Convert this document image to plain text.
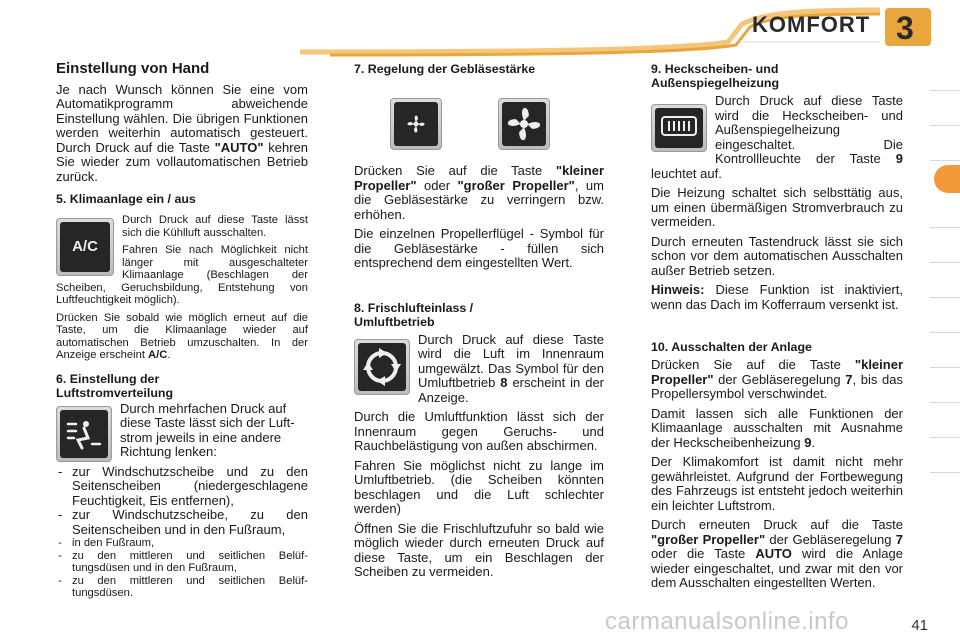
KOMFORT 3
Einstellung von Hand

Je nach Wunsch können Sie eine vom Automatikprogramm abweichende Einstellung wählen. Die übrigen Funktionen werden weiterhin automatisch gesteuert. Durch Druck auf die Taste "AUTO" kehren Sie wieder zum vollautomatischen Betrieb zurück.

5. Klimaanlage ein / aus
A/C

Durch Druck auf diese Taste lässt sich die Kühlluft ausschalten.

Fahren Sie nach Möglichkeit nicht länger mit ausgeschalteter Klimaanlage (Beschlagen der Scheiben, Geruchsbildung, Entstehung von Luftfeuchtigkeit möglich).

Drücken Sie sobald wie möglich erneut auf die Taste, um die Klimaanlage wieder auf automatischen Betrieb umzuschalten. In der Anzeige erscheint A/C.

6. Einstellung der
Luftstromverteilung

Durch mehrfachen Druck auf diese Taste lässt sich der Luftstrom jeweils in eine andere Richtung lenken:

- zur Windschutzscheibe und zu den Seitenscheiben (niedergeschlagene Feuchtigkeit, Eis entfernen),
- zur Windschutzscheibe, zu den Seitenscheiben und in den Fußraum,
- in den Fußraum,
- zu den mittleren und seitlichen Belüftungsdüsen und in den Fußraum,
- zu den mittleren und seitlichen Belüftungsdüsen.
7. Regelung der Gebläsestärke

Drücken Sie auf die Taste "kleiner Propeller" oder "großer Propeller", um die Gebläsestärke zu verringern bzw. erhöhen.

Die einzelnen Propellerflügel - Symbol für die Gebläsestärke - füllen sich entsprechend dem eingestellten Wert.

8. Frischlufteinlass /
Umluftbetrieb

Durch Druck auf diese Taste wird die Luft im Innenraum umgewälzt. Das Symbol für den Umluftbetrieb 8 erscheint in der Anzeige.

Durch die Umluftfunktion lässt sich der Innenraum gegen Geruchs- und Rauchbelästigung von außen abschirmen.

Fahren Sie möglichst nicht zu lange im Umluftbetrieb. (die Scheiben könnten beschlagen und die Luft schlechter werden)

Öffnen Sie die Frischluftzufuhr so bald wie möglich wieder durch erneuten Druck auf diese Taste, um ein Beschlagen der Scheiben zu vermeiden.

9. Heckscheiben- und
Außenspiegelheizung

Durch Druck auf diese Taste wird die Heckscheiben- und Außenspiegelheizung eingeschaltet. Die Kontrollleuchte der Taste 9 leuchtet auf.

Die Heizung schaltet sich selbsttätig aus, um einen übermäßigen Stromverbrauch zu vermeiden.

Durch erneuten Tastendruck lässt sie sich schon vor dem automatischen Ausschalten außer Betrieb setzen.

Hinweis: Diese Funktion ist inaktiviert, wenn das Dach im Kofferraum versenkt ist.

10. Ausschalten der Anlage

Drücken Sie auf die Taste "kleiner Propeller" der Gebläseregelung 7, bis das Propellersymbol verschwindet.

Damit lassen sich alle Funktionen der Klimaanlage ausschalten mit Ausnahme der Heckscheibenheizung 9.

Der Klimakomfort ist damit nicht mehr gewährleistet. Aufgrund der Fortbewegung des Fahrzeugs ist entsteht jedoch weiterhin ein leichter Luftstrom.

Durch erneuten Druck auf die Taste "großer Propeller" der Gebläseregelung 7 oder die Taste AUTO wird die Anlage wieder eingeschaltet, und zwar mit den vor dem Ausschalten eingestellten Werten.

carmanualsonline.info	41
